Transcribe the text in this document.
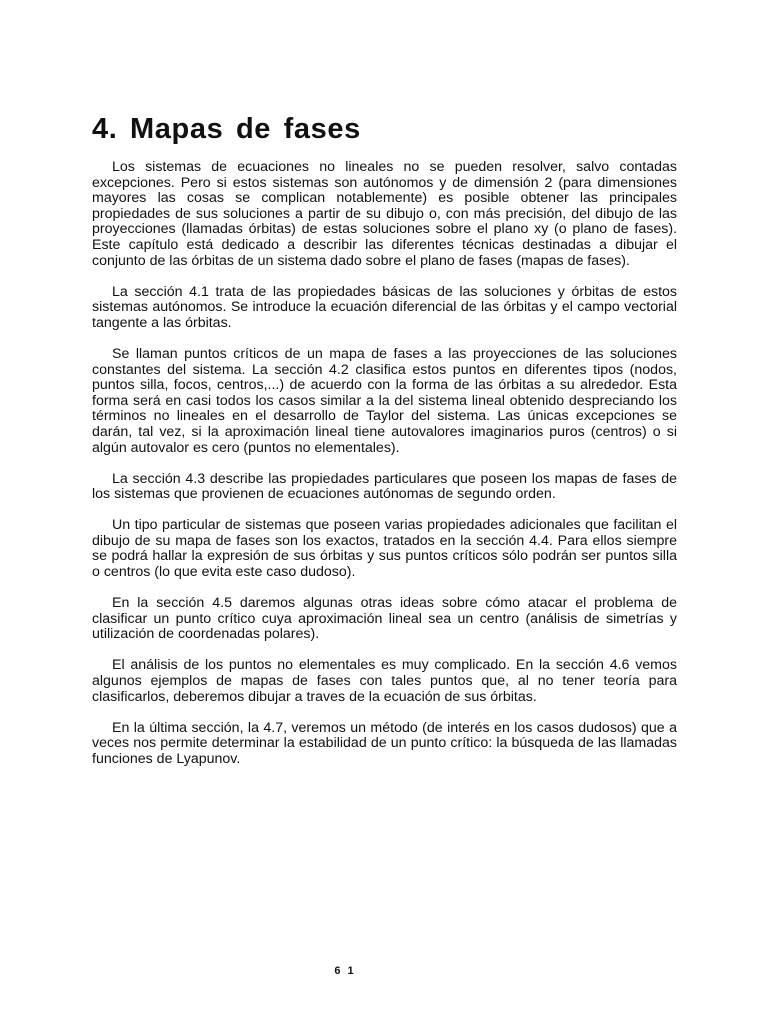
4. Mapas de fases

Los sistemas de ecuaciones no lineales no se pueden resolver, salvo contadas excepciones. Pero si estos sistemas son autónomos y de dimensión 2 (para dimensiones mayores las cosas se complican notablemente) es posible obtener las principales propiedades de sus soluciones a partir de su dibujo o, con más precisión, del dibujo de las proyecciones (llamadas órbitas) de estas soluciones sobre el plano xy (o plano de fases). Este capítulo está dedicado a describir las diferentes técnicas destinadas a dibujar el conjunto de las órbitas de un sistema dado sobre el plano de fases (mapas de fases).

La sección 4.1 trata de las propiedades básicas de las soluciones y órbitas de estos sistemas autónomos. Se introduce la ecuación diferencial de las órbitas y el campo vectorial tangente a las órbitas.

Se llaman puntos críticos de un mapa de fases a las proyecciones de las soluciones constantes del sistema. La sección 4.2 clasifica estos puntos en diferentes tipos (nodos, puntos silla, focos, centros,...) de acuerdo con la forma de las órbitas a su alrededor. Esta forma será en casi todos los casos similar a la del sistema lineal obtenido despreciando los términos no lineales en el desarrollo de Taylor del sistema. Las únicas excepciones se darán, tal vez, si la aproximación lineal tiene autovalores imaginarios puros (centros) o si algún autovalor es cero (puntos no elementales).

La sección 4.3 describe las propiedades particulares que poseen los mapas de fases de los sistemas que provienen de ecuaciones autónomas de segundo orden.

Un tipo particular de sistemas que poseen varias propiedades adicionales que facilitan el dibujo de su mapa de fases son los exactos, tratados en la sección 4.4. Para ellos siempre se podrá hallar la expresión de sus órbitas y sus puntos críticos sólo podrán ser puntos silla o centros (lo que evita este caso dudoso).

En la sección 4.5 daremos algunas otras ideas sobre cómo atacar el problema de clasificar un punto crítico cuya aproximación lineal sea un centro (análisis de simetrías y utilización de coordenadas polares).

El análisis de los puntos no elementales es muy complicado. En la sección 4.6 vemos algunos ejemplos de mapas de fases con tales puntos que, al no tener teoría para clasificarlos, deberemos dibujar a traves de la ecuación de sus órbitas.

En la última sección, la 4.7, veremos un método (de interés en los casos dudosos) que a veces nos permite determinar la estabilidad de un punto crítico: la búsqueda de las llamadas funciones de Lyapunov.

6 1
